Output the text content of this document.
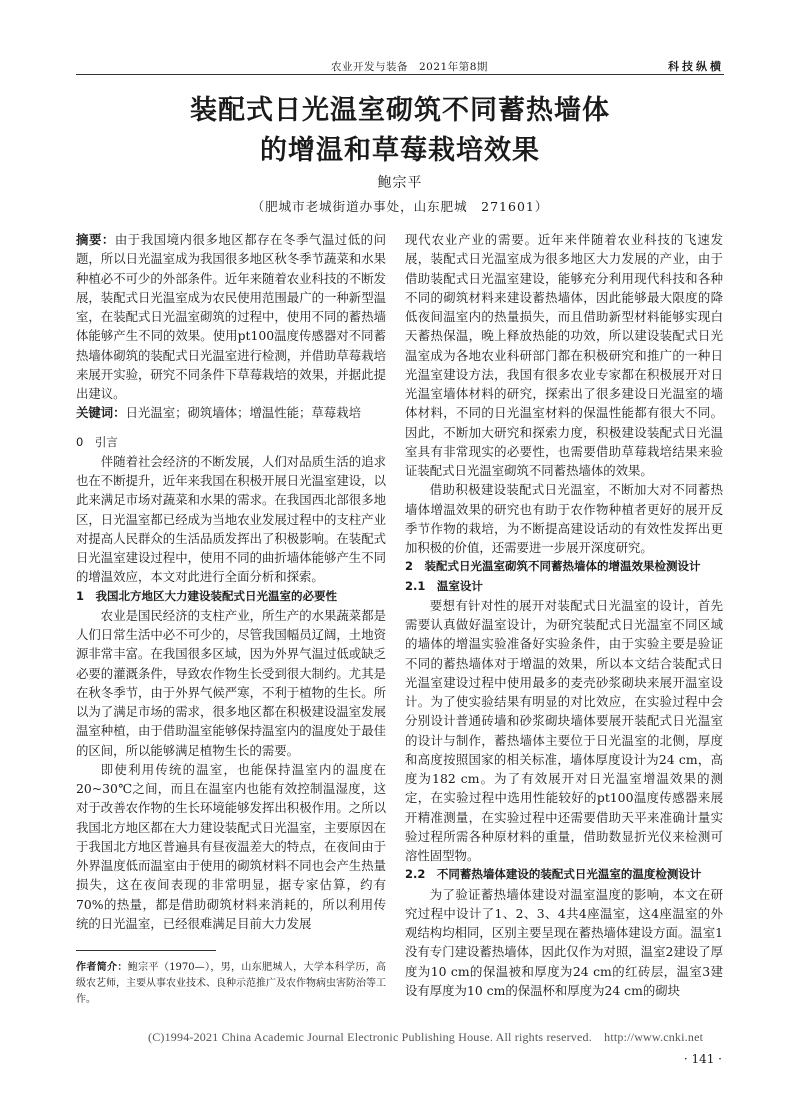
农业开发与装备　2021年第8期	科技纵横
装配式日光温室砌筑不同蓄热墙体
的增温和草莓栽培效果
鲍宗平
（肥城市老城街道办事处，山东肥城　271601）

摘要：由于我国境内很多地区都存在冬季气温过低的问题，所以日光温室成为我国很多地区秋冬季节蔬菜和水果种植必不可少的外部条件。近年来随着农业科技的不断发展，装配式日光温室成为农民使用范围最广的一种新型温室，在装配式日光温室砌筑的过程中，使用不同的蓄热墙体能够产生不同的效果。使用pt100温度传感器对不同蓄热墙体砌筑的装配式日光温室进行检测，并借助草莓栽培来展开实验，研究不同条件下草莓栽培的效果，并据此提出建议。

关键词：日光温室；砌筑墙体；增温性能；草莓栽培

0　引言

伴随着社会经济的不断发展，人们对品质生活的追求也在不断提升，近年来我国在积极开展日光温室建设，以此来满足市场对蔬菜和水果的需求。在我国西北部很多地区，日光温室都已经成为当地农业发展过程中的支柱产业对提高人民群众的生活品质发挥出了积极影响。在装配式日光温室建设过程中，使用不同的曲折墙体能够产生不同的增温效应，本文对此进行全面分析和探索。

1　我国北方地区大力建设装配式日光温室的必要性

农业是国民经济的支柱产业，所生产的水果蔬菜都是人们日常生活中必不可少的，尽管我国幅员辽阔，土地资源非常丰富。在我国很多区域，因为外界气温过低或缺乏必要的灌溉条件，导致农作物生长受到很大制约。尤其是在秋冬季节，由于外界气候严寒，不利于植物的生长。所以为了满足市场的需求，很多地区都在积极建设温室发展温室种植，由于借助温室能够保持温室内的温度处于最佳的区间，所以能够满足植物生长的需要。

即使利用传统的温室，也能保持温室内的温度在20~30℃之间，而且在温室内也能有效控制温湿度，这对于改善农作物的生长环境能够发挥出积极作用。之所以我国北方地区都在大力建设装配式日光温室，主要原因在于我国北方地区普遍具有昼夜温差大的特点，在夜间由于外界温度低而温室由于使用的砌筑材料不同也会产生热量损失，这在夜间表现的非常明显，据专家估算，约有70%的热量，都是借助砌筑材料来消耗的，所以利用传统的日光温室，已经很难满足目前大力发展

现代农业产业的需要。近年来伴随着农业科技的飞速发展，装配式日光温室成为很多地区大力发展的产业，由于借助装配式日光温室建设，能够充分利用现代科技和各种不同的砌筑材料来建设蓄热墙体，因此能够最大限度的降低夜间温室内的热量损失，而且借助新型材料能够实现白天蓄热保温，晚上释放热能的功效，所以建设装配式日光温室成为各地农业科研部门都在积极研究和推广的一种日光温室建设方法，我国有很多农业专家都在积极展开对日光温室墙体材料的研究，探索出了很多建设日光温室的墙体材料，不同的日光温室材料的保温性能都有很大不同。因此，不断加大研究和探索力度，积极建设装配式日光温室具有非常现实的必要性，也需要借助草莓栽培结果来验证装配式日光温室砌筑不同蓄热墙体的效果。

借助积极建设装配式日光温室，不断加大对不同蓄热墙体增温效果的研究也有助于农作物种植者更好的展开反季节作物的栽培，为不断提高建设话动的有效性发挥出更加积极的价值，还需要进一步展开深度研究。

2　装配式日光温室砌筑不同蓄热墙体的增温效果检测设计

2.1　温室设计

要想有针对性的展开对装配式日光温室的设计，首先需要认真做好温室设计，为研究装配式日光温室不同区域的墙体的增温实验准备好实验条件，由于实验主要是验证不同的蓄热墙体对于增温的效果，所以本文结合装配式日光温室建设过程中使用最多的麦壳砂浆砌块来展开温室设计。为了使实验结果有明显的对比效应，在实验过程中会分别设计普通砖墙和砂浆砌块墙体要展开装配式日光温室的设计与制作，蓄热墙体主要位于日光温室的北侧，厚度和高度按照国家的相关标准，墙体厚度设计为24 cm，高度为182 cm。为了有效展开对日光温室增温效果的测定，在实验过程中选用性能较好的pt100温度传感器来展开精准测量，在实验过程中还需要借助天平来准确计量实验过程所需各种原材料的重量，借助数显折光仪来检测可溶性固型物。

2.2　不同蓄热墙体建设的装配式日光温室的温度检测设计

为了验证蓄热墙体建设对温室温度的影响，本文在研究过程中设计了1、2、3、4共4座温室，这4座温室的外观结构均相同，区别主要呈现在蓄热墙体建设方面。温室1没有专门建设蓄热墙体，因此仅作为对照，温室2建设了厚度为10 cm的保温被和厚度为24 cm的红砖层，温室3建设有厚度为10 cm的保温杯和厚度为24 cm的砌块

作者简介：鲍宗平（1970—），男，山东肥城人，大学本科学历，高级农艺师，主要从事农业技术、良种示范推广及农作物病虫害防治等工作。
(C)1994-2021 China Academic Journal Electronic Publishing House. All rights reserved.　http://www.cnki.net
· 141 ·
